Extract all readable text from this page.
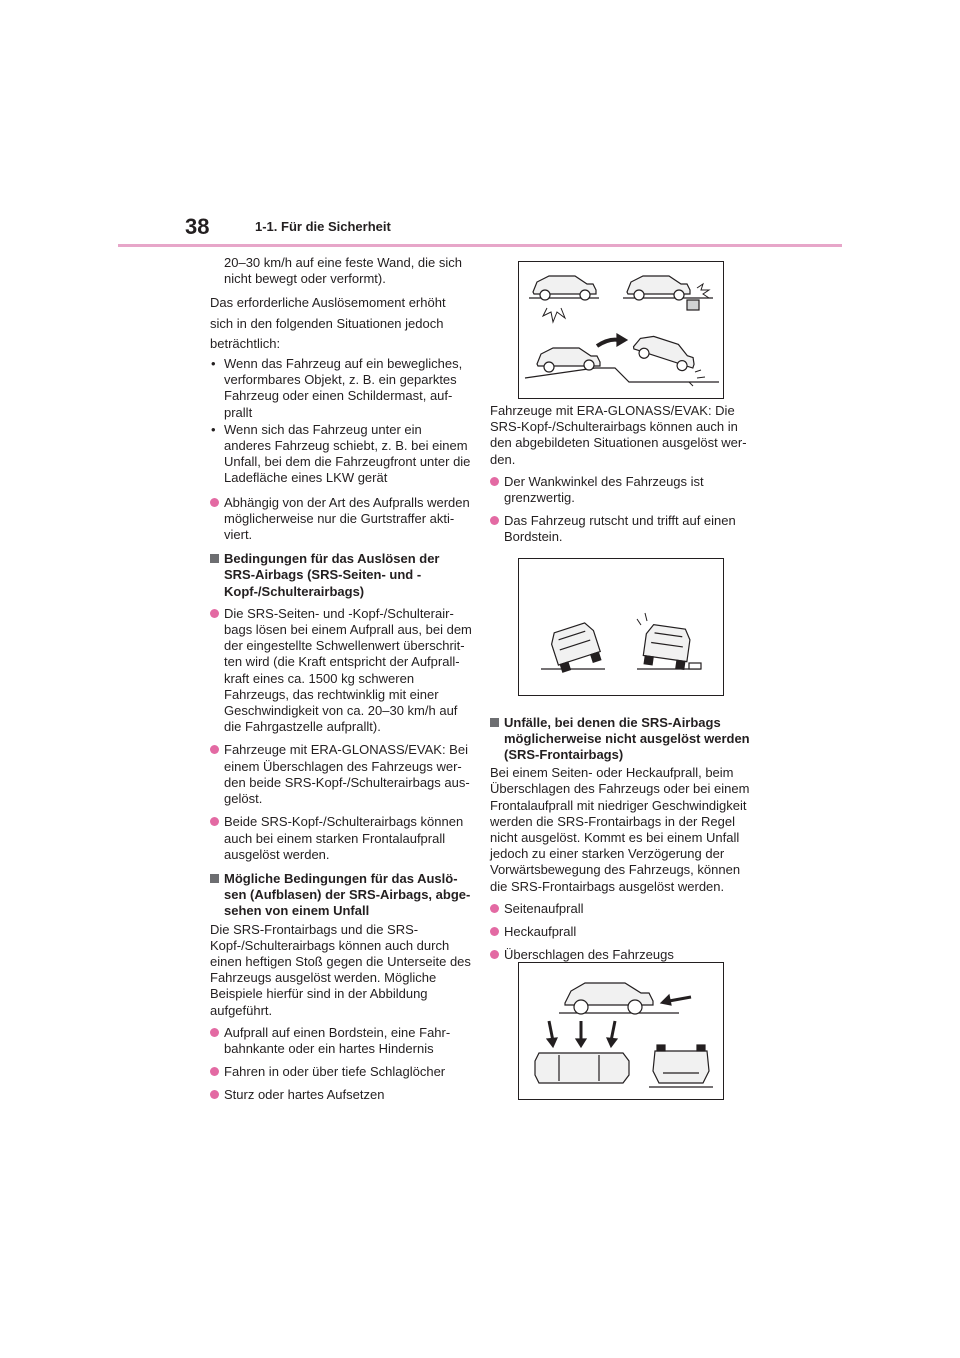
38	1-1. Für die Sicherheit

20–30 km/h auf eine feste Wand, die sich nicht bewegt oder verformt).

Das erforderliche Auslösemoment erhöht

sich in den folgenden Situationen jedoch

beträchtlich:

• Wenn das Fahrzeug auf ein bewegliches, verformbares Objekt, z. B. ein geparktes Fahrzeug oder einen Schildermast, aufprallt
• Wenn sich das Fahrzeug unter ein anderes Fahrzeug schiebt, z. B. bei einem Unfall, bei dem die Fahrzeugfront unter die Ladefläche eines LKW gerät
Abhängig von der Art des Aufpralls werden möglicherweise nur die Gurtstraffer aktiviert.
Bedingungen für das Auslösen der SRS-Airbags (SRS-Seiten- und -Kopf-/Schulterairbags)
Die SRS-Seiten- und -Kopf-/Schulterairbags lösen bei einem Aufprall aus, bei dem der eingestellte Schwellenwert überschritten wird (die Kraft entspricht der Aufprallkraft eines ca. 1500 kg schweren Fahrzeugs, das rechtwinklig mit einer Geschwindigkeit von ca. 20–30 km/h auf die Fahrgastzelle aufprallt).
Fahrzeuge mit ERA-GLONASS/EVAK: Bei einem Überschlagen des Fahrzeugs werden beide SRS-Kopf-/Schulterairbags ausgelöst.
Beide SRS-Kopf-/Schulterairbags können auch bei einem starken Frontalaufprall ausgelöst werden.
Mögliche Bedingungen für das Auslösen (Aufblasen) der SRS-Airbags, abgesehen von einem Unfall

Die SRS-Frontairbags und die SRS-Kopf-/Schulterairbags können auch durch einen heftigen Stoß gegen die Unterseite des Fahrzeugs ausgelöst werden. Mögliche Beispiele hierfür sind in der Abbildung aufgeführt.

Aufprall auf einen Bordstein, eine Fahrbahnkante oder ein hartes Hindernis
Fahren in oder über tiefe Schlaglöcher
Sturz oder hartes Aufsetzen

Fahrzeuge mit ERA-GLONASS/EVAK: Die SRS-Kopf-/Schulterairbags können auch in den abgebildeten Situationen ausgelöst werden.

Der Wankwinkel des Fahrzeugs ist grenzwertig.
Das Fahrzeug rutscht und trifft auf einen Bordstein.
Unfälle, bei denen die SRS-Airbags möglicherweise nicht ausgelöst werden (SRS-Frontairbags)

Bei einem Seiten- oder Heckaufprall, beim Überschlagen des Fahrzeugs oder bei einem Frontalaufprall mit niedriger Geschwindigkeit werden die SRS-Frontairbags in der Regel nicht ausgelöst. Kommt es bei einem Unfall jedoch zu einer starken Verzögerung der Vorwärtsbewegung des Fahrzeugs, können die SRS-Frontairbags ausgelöst werden.

Seitenaufprall
Heckaufprall
Überschlagen des Fahrzeugs
